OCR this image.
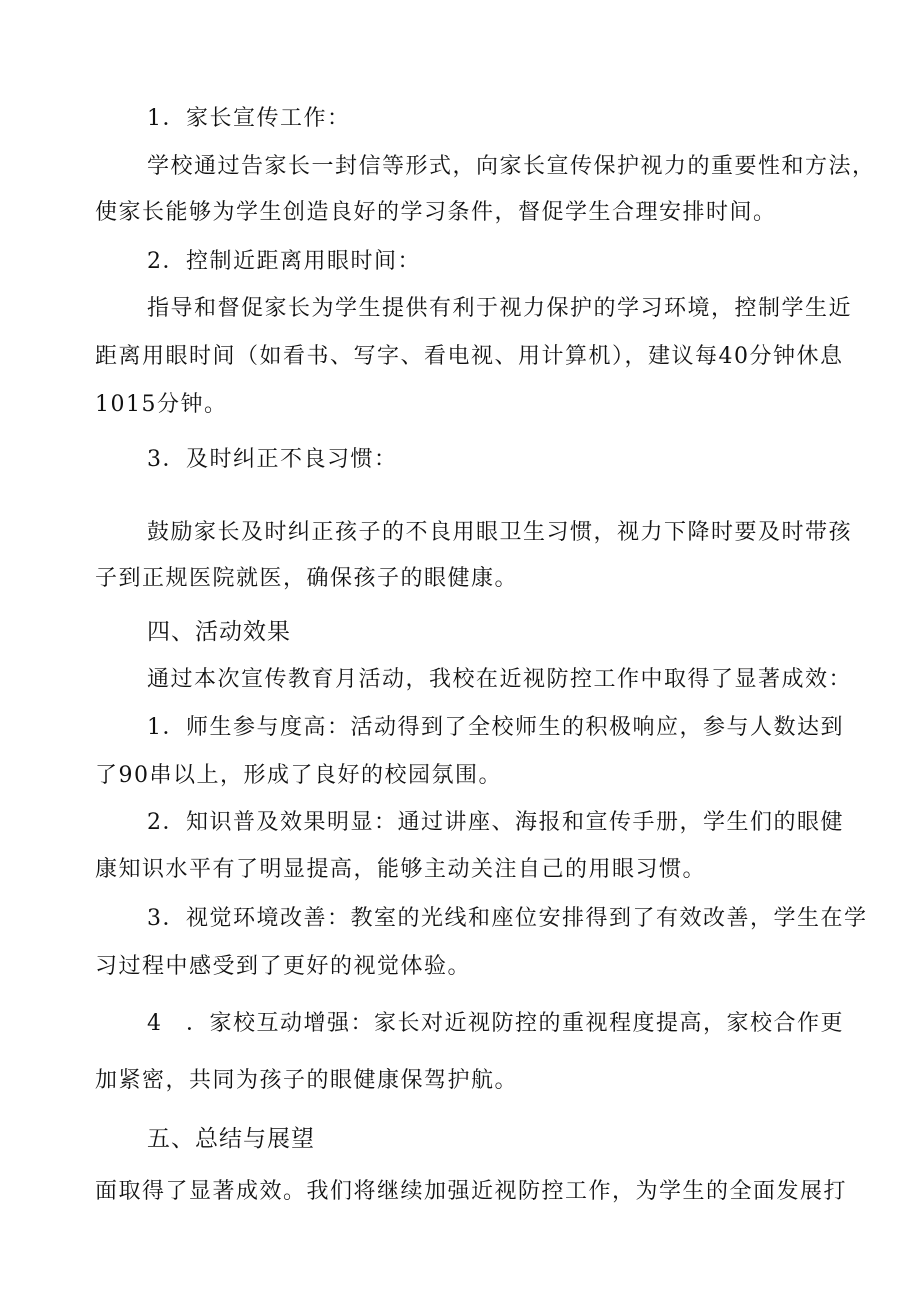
1．家长宣传工作：

学校通过告家长一封信等形式，向家长宣传保护视力的重要性和方法，

使家长能够为学生创造良好的学习条件，督促学生合理安排时间。

2．控制近距离用眼时间：

指导和督促家长为学生提供有利于视力保护的学习环境，控制学生近

距离用眼时间（如看书、写字、看电视、用计算机），建议每40分钟休息

1015分钟。

3．及时纠正不良习惯：

鼓励家长及时纠正孩子的不良用眼卫生习惯，视力下降时要及时带孩

子到正规医院就医，确保孩子的眼健康。

四、活动效果

通过本次宣传教育月活动，我校在近视防控工作中取得了显著成效：

1．师生参与度高：活动得到了全校师生的积极响应，参与人数达到

了90串以上，形成了良好的校园氛围。

2．知识普及效果明显：通过讲座、海报和宣传手册，学生们的眼健

康知识水平有了明显提高，能够主动关注自己的用眼习惯。

3．视觉环境改善：教室的光线和座位安排得到了有效改善，学生在学

习过程中感受到了更好的视觉体验。

4　．家校互动增强：家长对近视防控的重视程度提高，家校合作更

加紧密，共同为孩子的眼健康保驾护航。

五、总结与展望

面取得了显著成效。我们将继续加强近视防控工作，为学生的全面发展打
